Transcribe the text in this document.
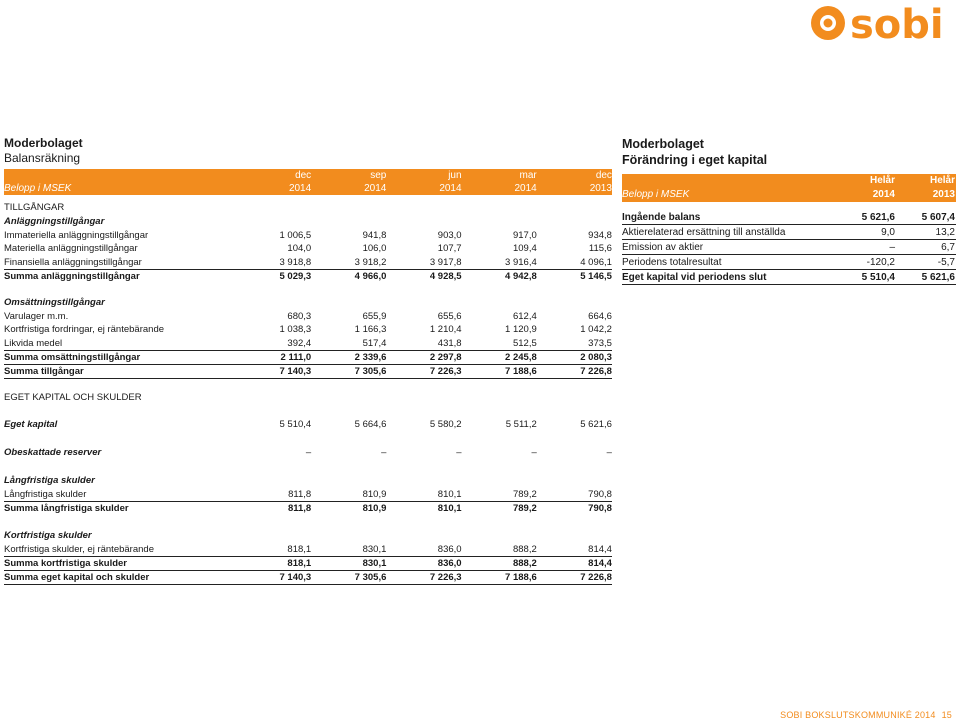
sobi
Moderbolaget
Balansräkning
dec	sep	jun	mar	dec
Belopp i MSEK	2014	2014	2014	2014	2013
TILLGÅNGAR
Anläggningstillgångar
Immateriella anläggningstillgångar	1 006,5	941,8	903,0	917,0	934,8
Materiella anläggningstillgångar	104,0	106,0	107,7	109,4	115,6
Finansiella anläggningstillgångar	3 918,8	3 918,2	3 917,8	3 916,4	4 096,1
Summa anläggningstillgångar	5 029,3	4 966,0	4 928,5	4 942,8	5 146,5
Omsättningstillgångar
Varulager m.m.	680,3	655,9	655,6	612,4	664,6
Kortfristiga fordringar, ej räntebärande	1 038,3	1 166,3	1 210,4	1 120,9	1 042,2
Likvida medel	392,4	517,4	431,8	512,5	373,5
Summa omsättningstillgångar	2 111,0	2 339,6	2 297,8	2 245,8	2 080,3
Summa tillgångar	7 140,3	7 305,6	7 226,3	7 188,6	7 226,8
EGET KAPITAL OCH SKULDER
Eget kapital	5 510,4	5 664,6	5 580,2	5 511,2	5 621,6
Obeskattade reserver	–	–	–	–	–
Långfristiga skulder
Långfristiga skulder	811,8	810,9	810,1	789,2	790,8
Summa långfristiga skulder	811,8	810,9	810,1	789,2	790,8
Kortfristiga skulder
Kortfristiga skulder, ej räntebärande	818,1	830,1	836,0	888,2	814,4
Summa kortfristiga skulder	818,1	830,1	836,0	888,2	814,4
Summa eget kapital och skulder	7 140,3	7 305,6	7 226,3	7 188,6	7 226,8
Moderbolaget
Förändring i eget kapital
Helår	Helår
Belopp i MSEK	2014	2013
Ingående balans	5 621,6	5 607,4
Aktierelaterad ersättning till anställda	9,0	13,2
Emission av aktier	–	6,7
Periodens totalresultat	-120,2	-5,7
Eget kapital vid periodens slut	5 510,4	5 621,6
SOBI BOKSLUTSKOMMUNIKÉ 2014 15
